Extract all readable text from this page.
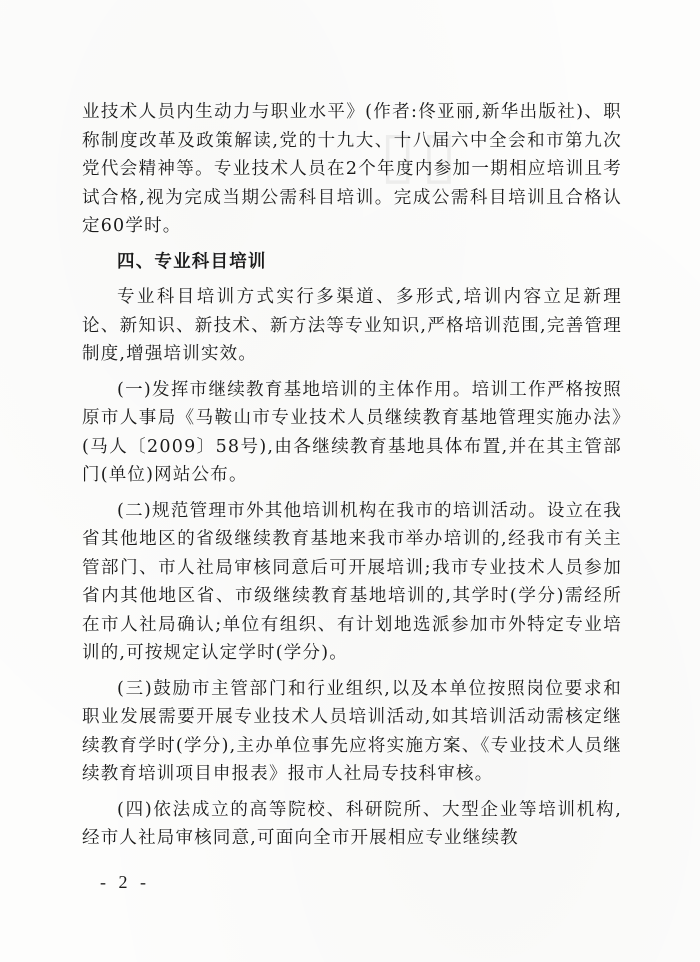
▯▯

业技术人员内生动力与职业水平》(作者:佟亚丽,新华出版社)、职称制度改革及政策解读,党的十九大、十八届六中全会和市第九次党代会精神等。专业技术人员在2个年度内参加一期相应培训且考试合格,视为完成当期公需科目培训。完成公需科目培训且合格认定60学时。

四、专业科目培训

专业科目培训方式实行多渠道、多形式,培训内容立足新理论、新知识、新技术、新方法等专业知识,严格培训范围,完善管理制度,增强培训实效。

(一)发挥市继续教育基地培训的主体作用。培训工作严格按照原市人事局《马鞍山市专业技术人员继续教育基地管理实施办法》(马人〔2009〕58号),由各继续教育基地具体布置,并在其主管部门(单位)网站公布。

(二)规范管理市外其他培训机构在我市的培训活动。设立在我省其他地区的省级继续教育基地来我市举办培训的,经我市有关主管部门、市人社局审核同意后可开展培训;我市专业技术人员参加省内其他地区省、市级继续教育基地培训的,其学时(学分)需经所在市人社局确认;单位有组织、有计划地选派参加市外特定专业培训的,可按规定认定学时(学分)。

(三)鼓励市主管部门和行业组织,以及本单位按照岗位要求和职业发展需要开展专业技术人员培训活动,如其培训活动需核定继续教育学时(学分),主办单位事先应将实施方案、《专业技术人员继续教育培训项目申报表》报市人社局专技科审核。

(四)依法成立的高等院校、科研院所、大型企业等培训机构,经市人社局审核同意,可面向全市开展相应专业继续教

- 2 -
